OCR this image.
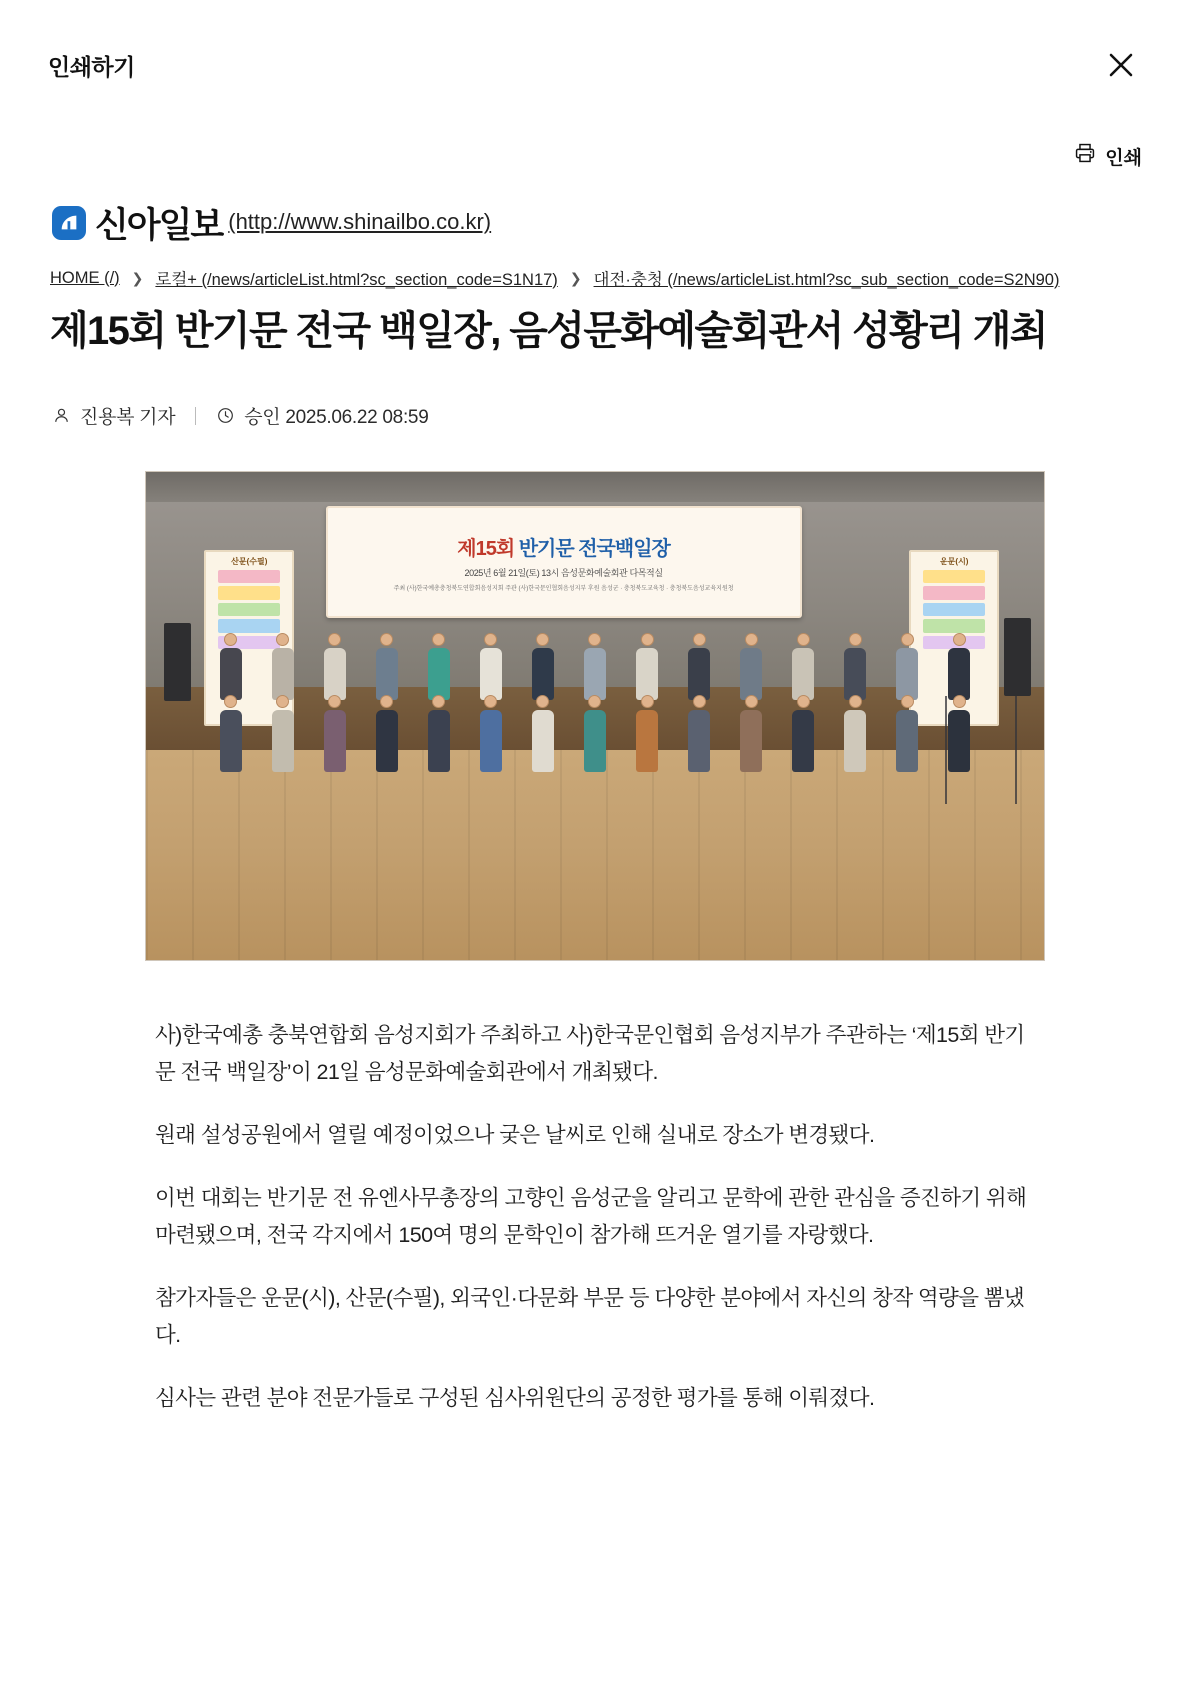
인쇄하기
인쇄
신아일보 (http://www.shinailbo.co.kr)
HOME (/) ❯ 로컬+ (/news/articleList.html?sc_section_code=S1N17) ❯ 대전·충청 (/news/articleList.html?sc_sub_section_code=S2N90)
제15회 반기문 전국 백일장, 음성문화예술회관서 성황리 개최
진용복 기자	승인 2025.06.22 08:59
제15회 반기문 전국백일장
2025년 6월 21일(토) 13시 음성문화예술회관 다목적실
주최 (사)한국예총충청북도연합회음성지회 주관 (사)한국문인협회음성지부 후원 음성군 · 충청북도교육청 · 충청북도음성교육지원청
산문(수필)	운문(시)

사)한국예총 충북연합회 음성지회가 주최하고 사)한국문인협회 음성지부가 주관하는 ‘제15회 반기문 전국 백일장’이 21일 음성문화예술회관에서 개최됐다.

원래 설성공원에서 열릴 예정이었으나 궂은 날씨로 인해 실내로 장소가 변경됐다.

이번 대회는 반기문 전 유엔사무총장의 고향인 음성군을 알리고 문학에 관한 관심을 증진하기 위해 마련됐으며, 전국 각지에서 150여 명의 문학인이 참가해 뜨거운 열기를 자랑했다.

참가자들은 운문(시), 산문(수필), 외국인·다문화 부문 등 다양한 분야에서 자신의 창작 역량을 뽐냈다.

심사는 관련 분야 전문가들로 구성된 심사위원단의 공정한 평가를 통해 이뤄졌다.
